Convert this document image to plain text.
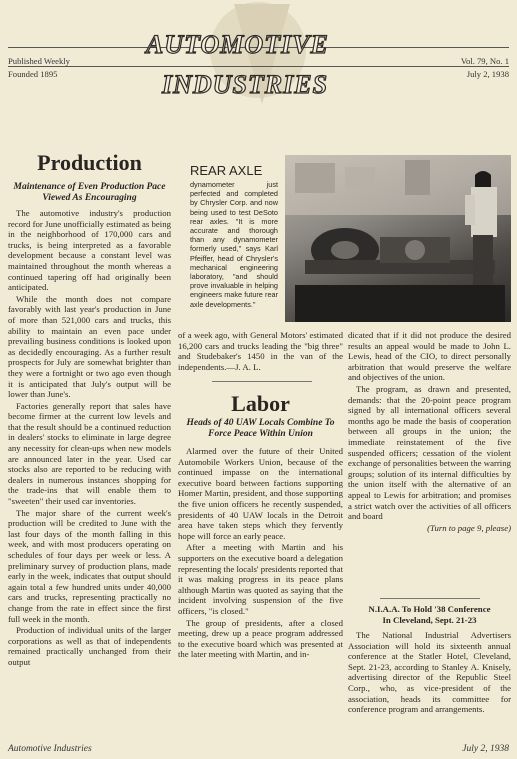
Published Weekly
Founded 1895
Vol. 79, No. 1
July 2, 1938
AUTOMOTIVE
INDUSTRIES
Production
Maintenance of Even Production Pace Viewed As Encouraging

The automotive industry's production record for June unofficially estimated as being in the neighborhood of 170,000 cars and trucks, is being interpreted as a favorable development because a constant level was maintained throughout the month whereas a continued tapering off had originally been anticipated.

While the month does not compare favorably with last year's production in June of more than 521,000 cars and trucks, this ability to maintain an even pace under prevailing business conditions is looked upon as decidedly encouraging. As a further result prospects for July are somewhat brighter than they were a fortnight or two ago even though it is anticipated that July's output will be lower than June's.

Factories generally report that sales have become firmer at the current low levels and that the result should be a continued reduction in dealers' stocks to eliminate in large degree any necessity for clean-ups when new models are announced later in the year. Used car stocks also are reported to be reducing with dealers in numerous instances shopping for the trade-ins that will enable them to "sweeten" their used car inventories.

The major share of the current week's production will be credited to June with the last four days of the month falling in this week, and with most producers operating on schedules of four days per week or less. A preliminary survey of production plans, made early in the week, indicates that output should again total a few hundred units under 40,000 cars and trucks, representing practically no change from the rate in effect since the first full week in the month.

Production of individual units of the larger corporations as well as that of independents remained practically unchanged from their output

REAR AXLE
dynamometer just perfected and completed by Chrysler Corp. and now being used to test DeSoto rear axles. "It is more accurate and thorough than any dynamometer formerly used," says Karl Pfeiffer, head of Chrysler's mechanical engineering laboratory, "and should prove invaluable in helping engineers make future rear axle developments."

of a week ago, with General Motors' estimated 16,200 cars and trucks leading the "big three" and Studebaker's 1450 in the van of the independents.—J. A. L.

Labor
Heads of 40 UAW Locals Combine To Force Peace Within Union

Alarmed over the future of their United Automobile Workers Union, because of the continued impasse on the international executive board between factions supporting Homer Martin, president, and those supporting the five union officers he recently suspended, presidents of 40 UAW locals in the Detroit area have taken steps which they fervently hope will force an early peace.

After a meeting with Martin and his supporters on the executive board a delegation representing the locals' presidents reported that it was making progress in its peace plans although Martin was quoted as saying that the incident involving suspension of the five officers, "is closed."

The group of presidents, after a closed meeting, drew up a peace program addressed to the executive board which was presented at the later meeting with Martin, and in-

dicated that if it did not produce the desired results an appeal would be made to John L. Lewis, head of the CIO, to direct personally arbitration that would preserve the welfare and objectives of the union.

The program, as drawn and presented, demands: that the 20-point peace program signed by all international officers several months ago be made the basis of cooperation between all groups in the union; the immediate reinstatement of the five suspended officers; cessation of the violent exchange of personalities between the warring groups; solution of its internal difficulties by the union itself with the alternative of an appeal to Lewis for arbitration; and promises a strict watch over the activities of all officers and board

(Turn to page 9, please)

N.I.A.A. To Hold '38 Conference
In Cleveland, Sept. 21-23

The National Industrial Advertisers Association will hold its sixteenth annual conference at the Statler Hotel, Cleveland, Sept. 21-23, according to Stanley A. Knisely, advertising director of the Republic Steel Corp., who, as vice-president of the association, heads its committee for conference program and arrangements.

Automotive Industries	July 2, 1938
